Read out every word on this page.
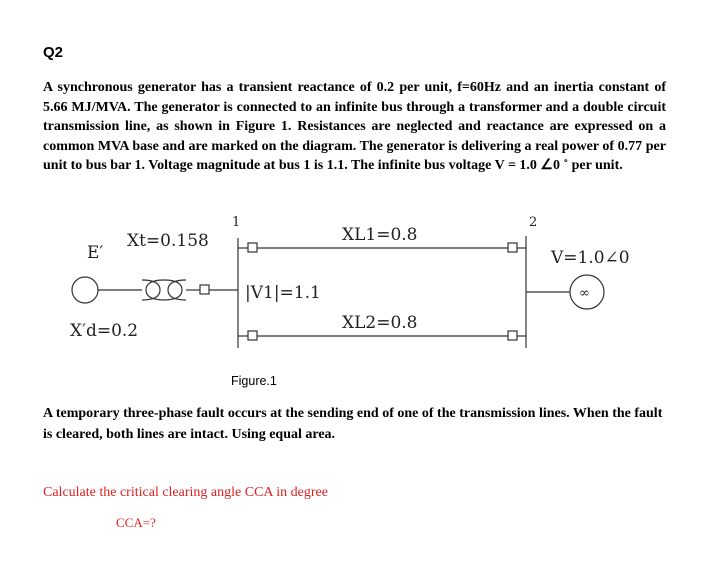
Q2

A synchronous generator has a transient reactance of 0.2 per unit, f=60Hz and an inertia constant of 5.66 MJ/MVA. The generator is connected to an infinite bus through a transformer and a double circuit transmission line, as shown in Figure 1. Resistances are neglected and reactance are expressed on a common MVA base and are marked on the diagram. The generator is delivering a real power of 0.77 per unit to bus bar 1. Voltage magnitude at bus 1 is 1.1. The infinite bus voltage V = 1.0 ∠0 ˚ per unit.

∞
1	2
E′
Xt=0.158
X′d=0.2
|V1|=1.1
XL1=0.8
XL2=0.8
V=1.0∠0
Figure.1

A temporary three-phase fault occurs at the sending end of one of the transmission lines. When the fault is cleared, both lines are intact. Using equal area.

Calculate the critical clearing angle CCA in degree
CCA=?
